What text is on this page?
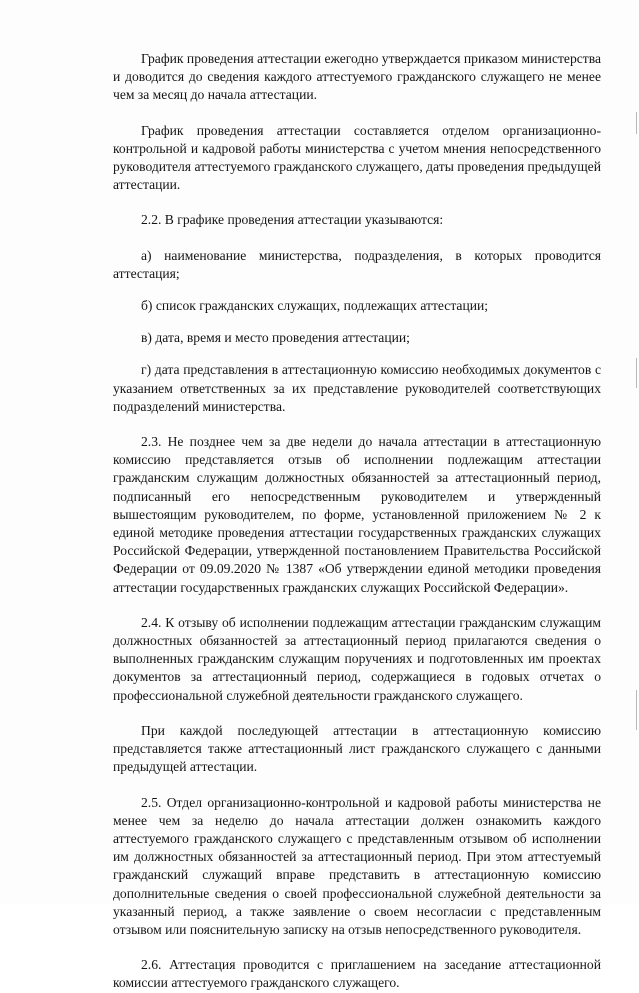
График проведения аттестации ежегодно утверждается приказом министерства и доводится до сведения каждого аттестуемого гражданского служащего не менее чем за месяц до начала аттестации.

График проведения аттестации составляется отделом организационно-контрольной и кадровой работы министерства с учетом мнения непосредственного руководителя аттестуемого гражданского служащего, даты проведения предыдущей аттестации.

2.2. В графике проведения аттестации указываются:

а) наименование министерства, подразделения, в которых проводится аттестация;

б) список гражданских служащих, подлежащих аттестации;

в) дата, время и место проведения аттестации;

г) дата представления в аттестационную комиссию необходимых документов с указанием ответственных за их представление руководителей соответствующих подразделений министерства.

2.3. Не позднее чем за две недели до начала аттестации в аттестационную комиссию представляется отзыв об исполнении подлежащим аттестации гражданским служащим должностных обязанностей за аттестационный период, подписанный его непосредственным руководителем и утвержденный вышестоящим руководителем, по форме, установленной приложением № 2 к единой методике проведения аттестации государственных гражданских служащих Российской Федерации, утвержденной постановлением Правительства Российской Федерации от 09.09.2020 № 1387 «Об утверждении единой методики проведения аттестации государственных гражданских служащих Российской Федерации».

2.4. К отзыву об исполнении подлежащим аттестации гражданским служащим должностных обязанностей за аттестационный период прилагаются сведения о выполненных гражданским служащим поручениях и подготовленных им проектах документов за аттестационный период, содержащиеся в годовых отчетах о профессиональной служебной деятельности гражданского служащего.

При каждой последующей аттестации в аттестационную комиссию представляется также аттестационный лист гражданского служащего с данными предыдущей аттестации.

2.5. Отдел организационно-контрольной и кадровой работы министерства не менее чем за неделю до начала аттестации должен ознакомить каждого аттестуемого гражданского служащего с представленным отзывом об исполнении им должностных обязанностей за аттестационный период. При этом аттестуемый гражданский служащий вправе представить в аттестационную комиссию дополнительные сведения о своей профессиональной служебной деятельности за указанный период, а также заявление о своем несогласии с представленным отзывом или пояснительную записку на отзыв непосредственного руководителя.

2.6. Аттестация проводится с приглашением на заседание аттестационной комиссии аттестуемого гражданского служащего.
